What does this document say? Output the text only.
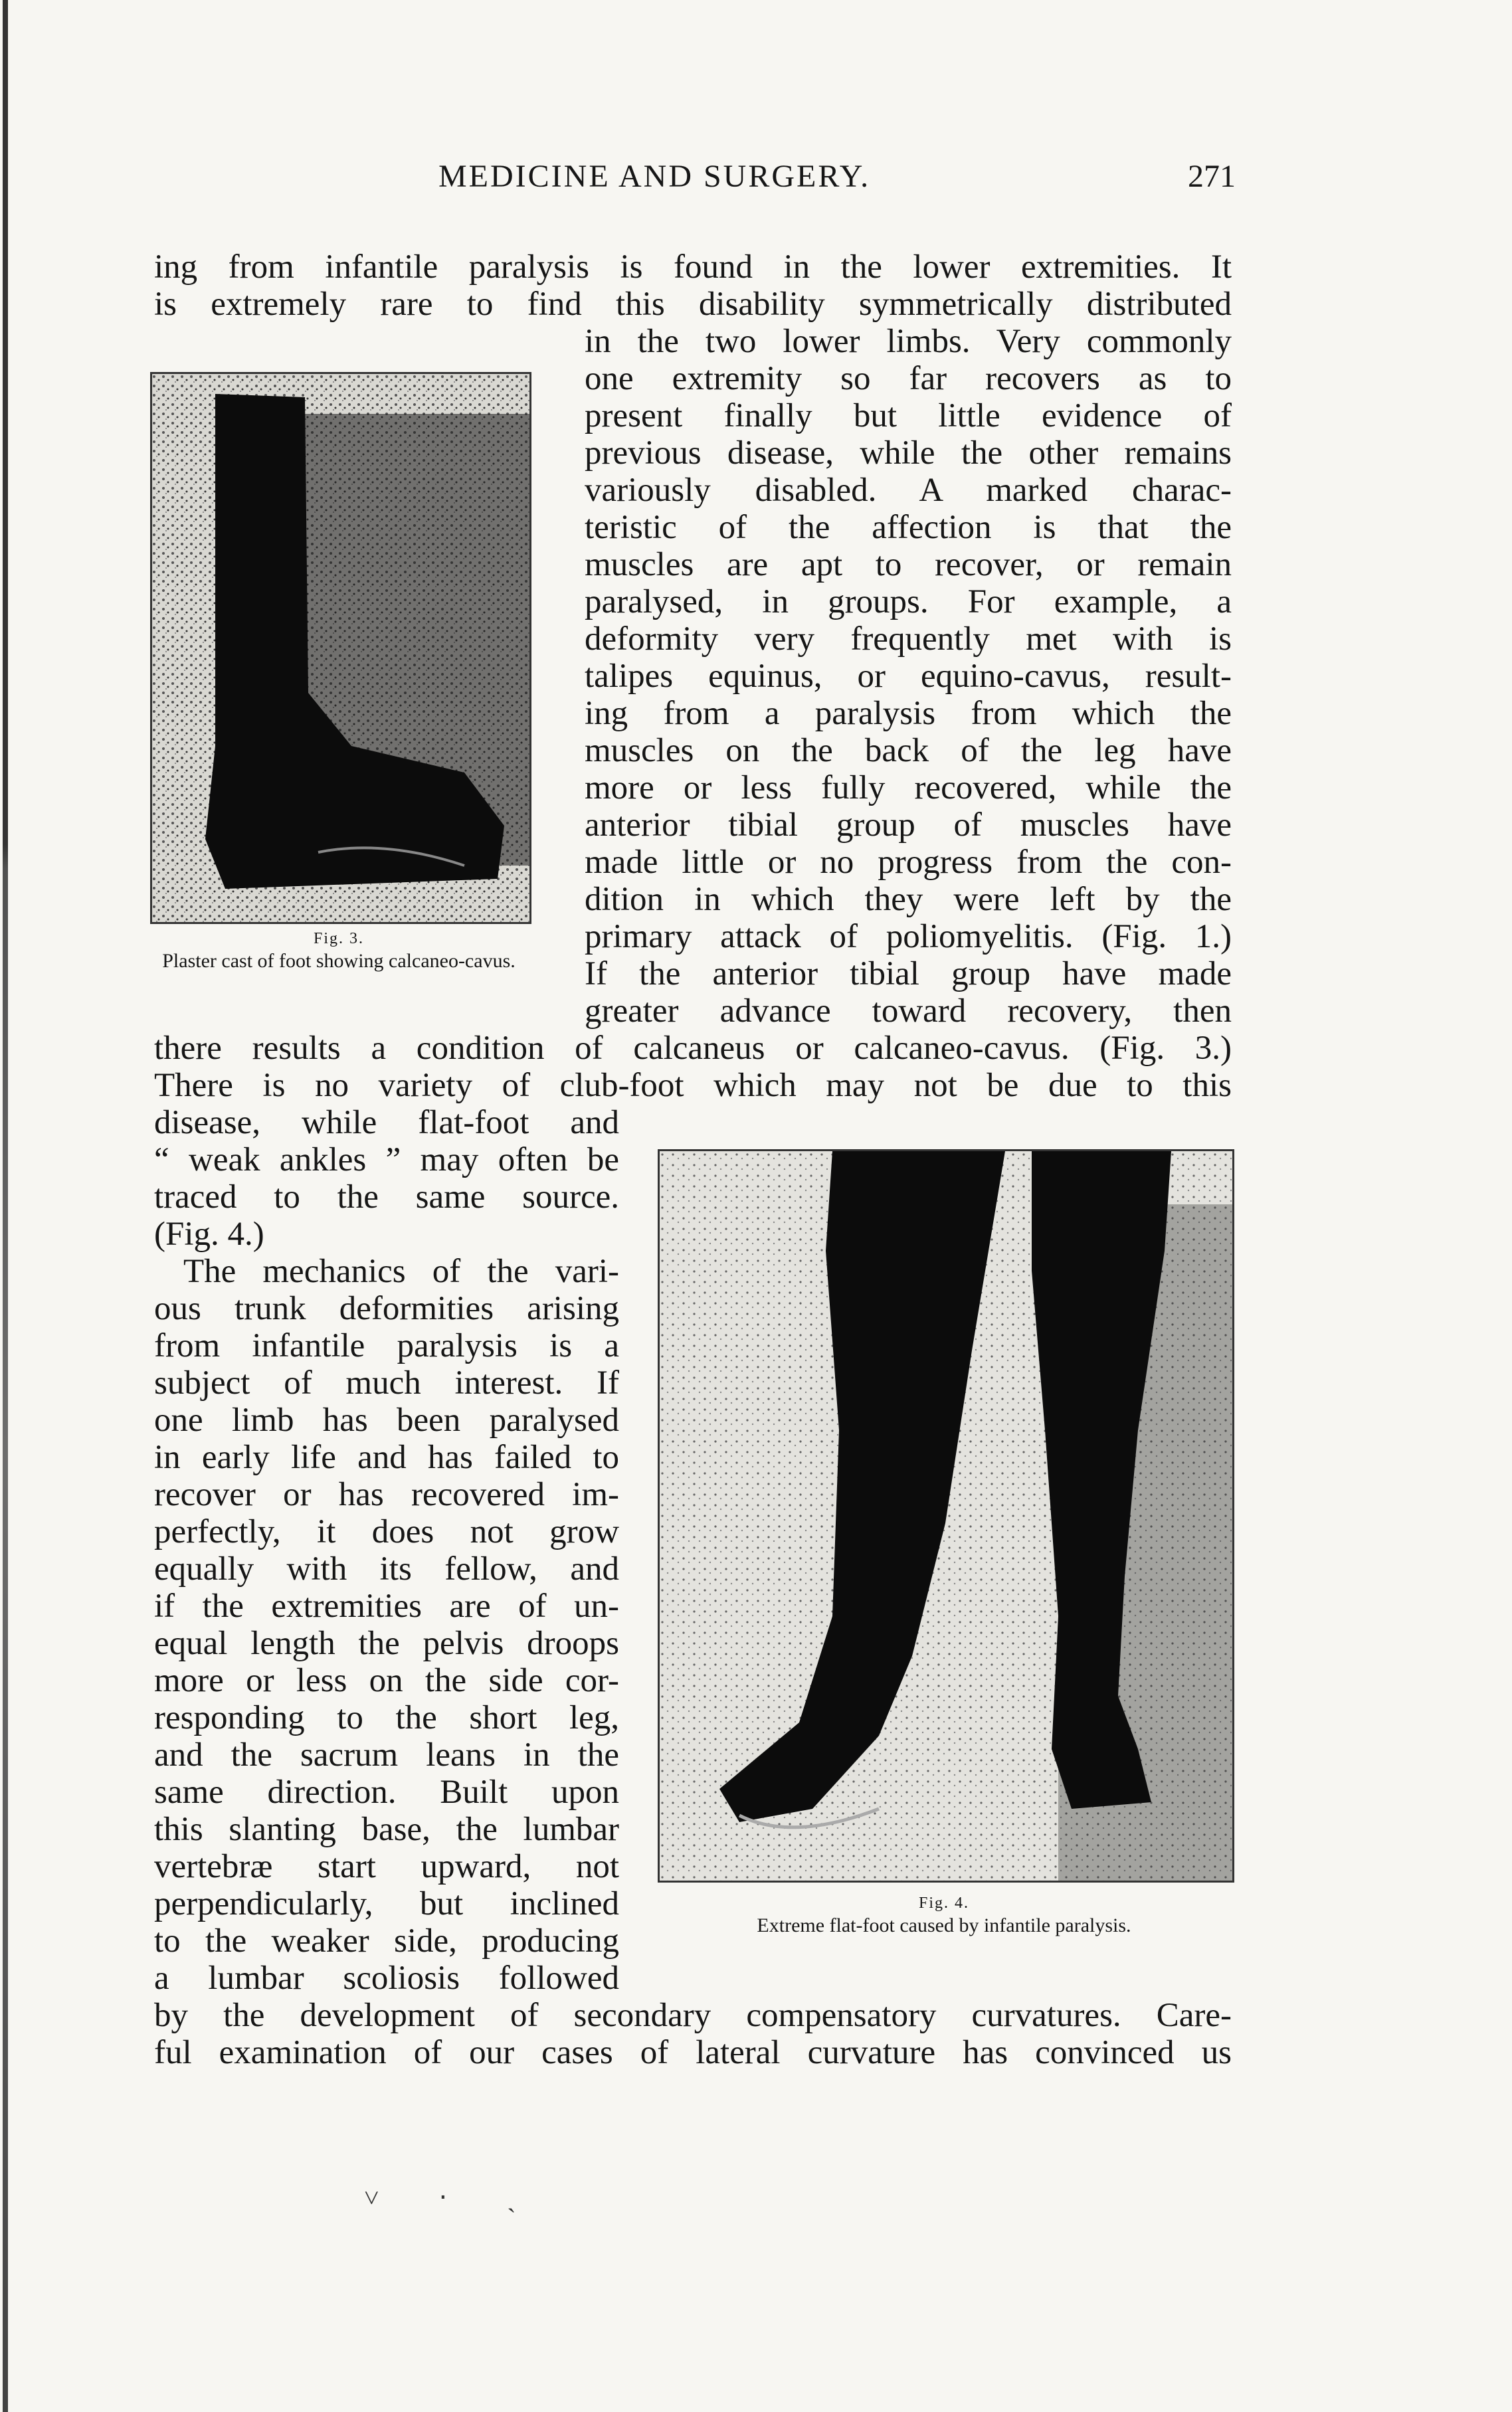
MEDICINE AND SURGERY.	271
ing from infantile paralysis is found in the lower extremities. It
is extremely rare to find this disability symmetrically distributed
Fig. 3.
Plaster cast of foot showing calcaneo-cavus.
in the two lower limbs. Very commonly
one extremity so far recovers as to
present finally but little evidence of
previous disease, while the other remains
variously disabled. A marked charac-
teristic of the affection is that the
muscles are apt to recover, or remain
paralysed, in groups. For example, a
deformity very frequently met with is
talipes equinus, or equino-cavus, result-
ing from a paralysis from which the
muscles on the back of the leg have
more or less fully recovered, while the
anterior tibial group of muscles have
made little or no progress from the con-
dition in which they were left by the
primary attack of poliomyelitis. (Fig. 1.)
If the anterior tibial group have made
greater advance toward recovery, then
there results a condition of calcaneus or calcaneo-cavus. (Fig. 3.)
There is no variety of club-foot which may not be due to this
Fig. 4.
Extreme flat-foot caused by infantile paralysis.
disease, while flat-foot and
“ weak ankles ” may often be
traced to the same source.
(Fig. 4.)
The mechanics of the vari-
ous trunk deformities arising
from infantile paralysis is a
subject of much interest. If
one limb has been paralysed
in early life and has failed to
recover or has recovered im-
perfectly, it does not grow
equally with its fellow, and
if the extremities are of un-
equal length the pelvis droops
more or less on the side cor-
responding to the short leg,
and the sacrum leans in the
same direction. Built upon
this slanting base, the lumbar
vertebræ start upward, not
perpendicularly, but inclined
to the weaker side, producing
a lumbar scoliosis followed
by the development of secondary compensatory curvatures. Care-
ful examination of our cases of lateral curvature has convinced us
˅ ‧ ˎ
